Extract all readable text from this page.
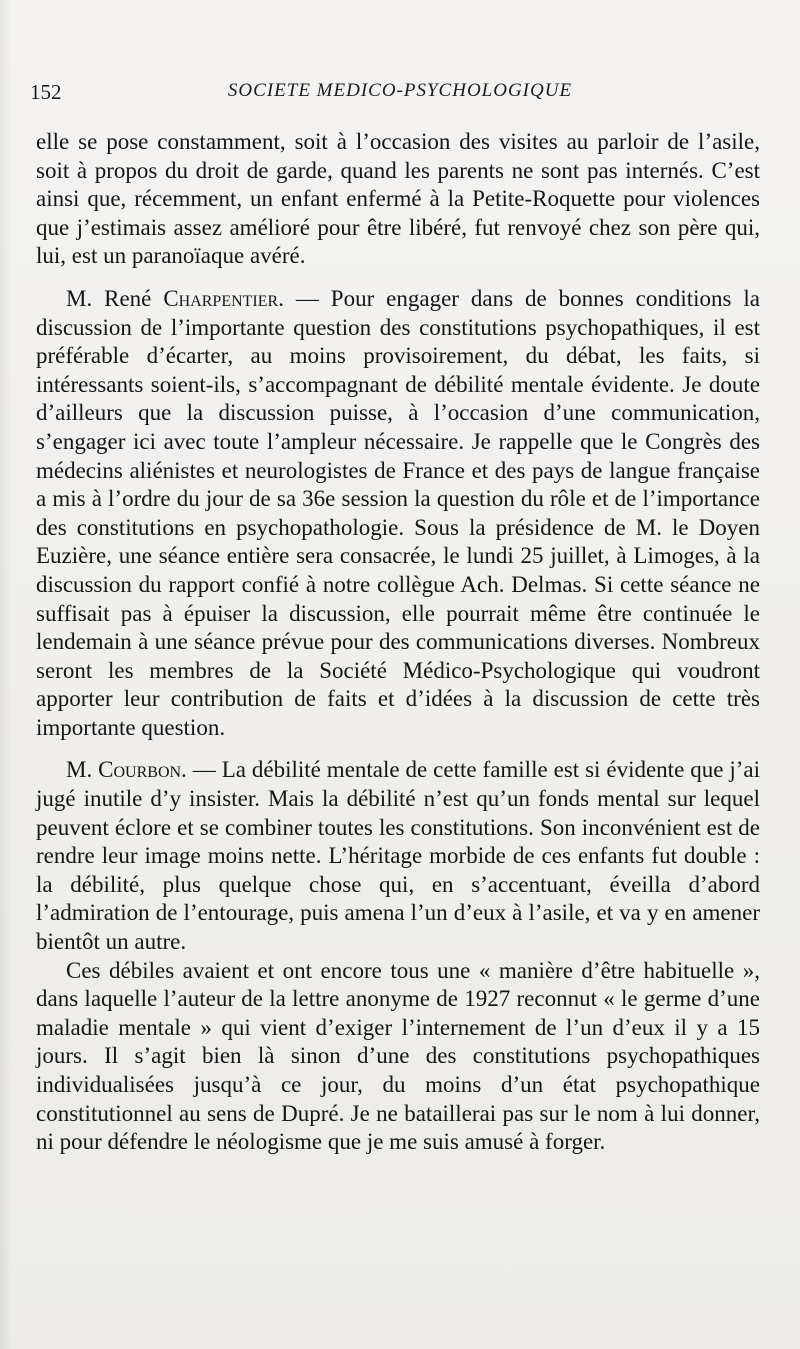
152	SOCIETE MEDICO-PSYCHOLOGIQUE

elle se pose constamment, soit à l’occasion des visites au parloir de l’asile, soit à propos du droit de garde, quand les parents ne sont pas internés. C’est ainsi que, récemment, un enfant enfermé à la Petite-Roquette pour violences que j’estimais assez amélioré pour être libéré, fut renvoyé chez son père qui, lui, est un paranoïaque avéré.

M. René Charpentier. — Pour engager dans de bonnes conditions la discussion de l’importante question des constitutions psychopathiques, il est préférable d’écarter, au moins provisoirement, du débat, les faits, si intéressants soient-ils, s’accompagnant de débilité mentale évidente. Je doute d’ailleurs que la discussion puisse, à l’occasion d’une communication, s’engager ici avec toute l’ampleur nécessaire. Je rappelle que le Congrès des médecins aliénistes et neurologistes de France et des pays de langue française a mis à l’ordre du jour de sa 36e session la question du rôle et de l’importance des constitutions en psychopathologie. Sous la présidence de M. le Doyen Euzière, une séance entière sera consacrée, le lundi 25 juillet, à Limoges, à la discussion du rapport confié à notre collègue Ach. Delmas. Si cette séance ne suffisait pas à épuiser la discussion, elle pourrait même être continuée le lendemain à une séance prévue pour des communications diverses. Nombreux seront les membres de la Société Médico-Psychologique qui voudront apporter leur contribution de faits et d’idées à la discussion de cette très importante question.

M. Courbon. — La débilité mentale de cette famille est si évidente que j’ai jugé inutile d’y insister. Mais la débilité n’est qu’un fonds mental sur lequel peuvent éclore et se combiner toutes les constitutions. Son inconvénient est de rendre leur image moins nette. L’héritage morbide de ces enfants fut double : la débilité, plus quelque chose qui, en s’accentuant, éveilla d’abord l’admiration de l’entourage, puis amena l’un d’eux à l’asile, et va y en amener bientôt un autre.

Ces débiles avaient et ont encore tous une « manière d’être habituelle », dans laquelle l’auteur de la lettre anonyme de 1927 reconnut « le germe d’une maladie mentale » qui vient d’exiger l’internement de l’un d’eux il y a 15 jours. Il s’agit bien là sinon d’une des constitutions psychopathiques individualisées jusqu’à ce jour, du moins d’un état psychopathique constitutionnel au sens de Dupré. Je ne bataillerai pas sur le nom à lui donner, ni pour défendre le néologisme que je me suis amusé à forger.
